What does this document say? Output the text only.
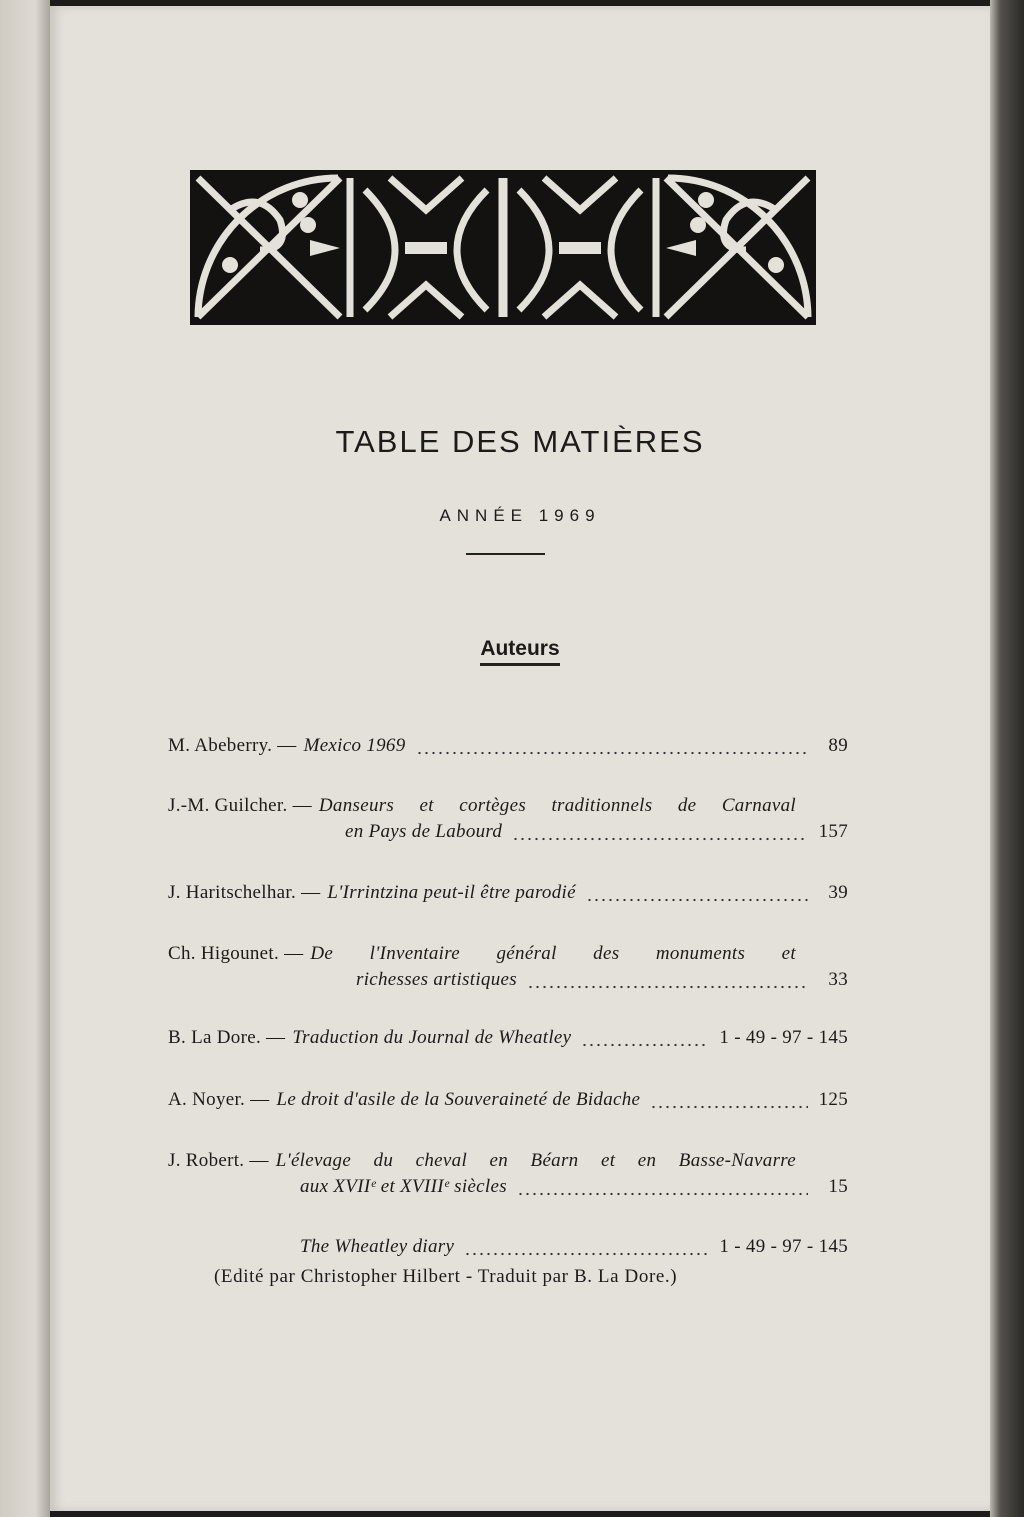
TABLE DES MATIÈRES
ANNÉE 1969
Auteurs
M. Abeberry. — Mexico 1969	89
J.-M. Guilcher. — Danseurs et cortèges traditionnels de Carnaval
en Pays de Labourd	157
J. Haritschelhar. — L'Irrintzina peut-il être parodié	39
Ch. Higounet. — De l'Inventaire général des monuments et
richesses artistiques	33
B. La Dore. — Traduction du Journal de Wheatley	1 - 49 - 97 - 145
A. Noyer. — Le droit d'asile de la Souveraineté de Bidache	125
J. Robert. — L'élevage du cheval en Béarn et en Basse-Navarre
aux XVIIᵉ et XVIIIᵉ siècles	15
The Wheatley diary	1 - 49 - 97 - 145
(Edité par Christopher Hilbert - Traduit par B. La Dore.)
